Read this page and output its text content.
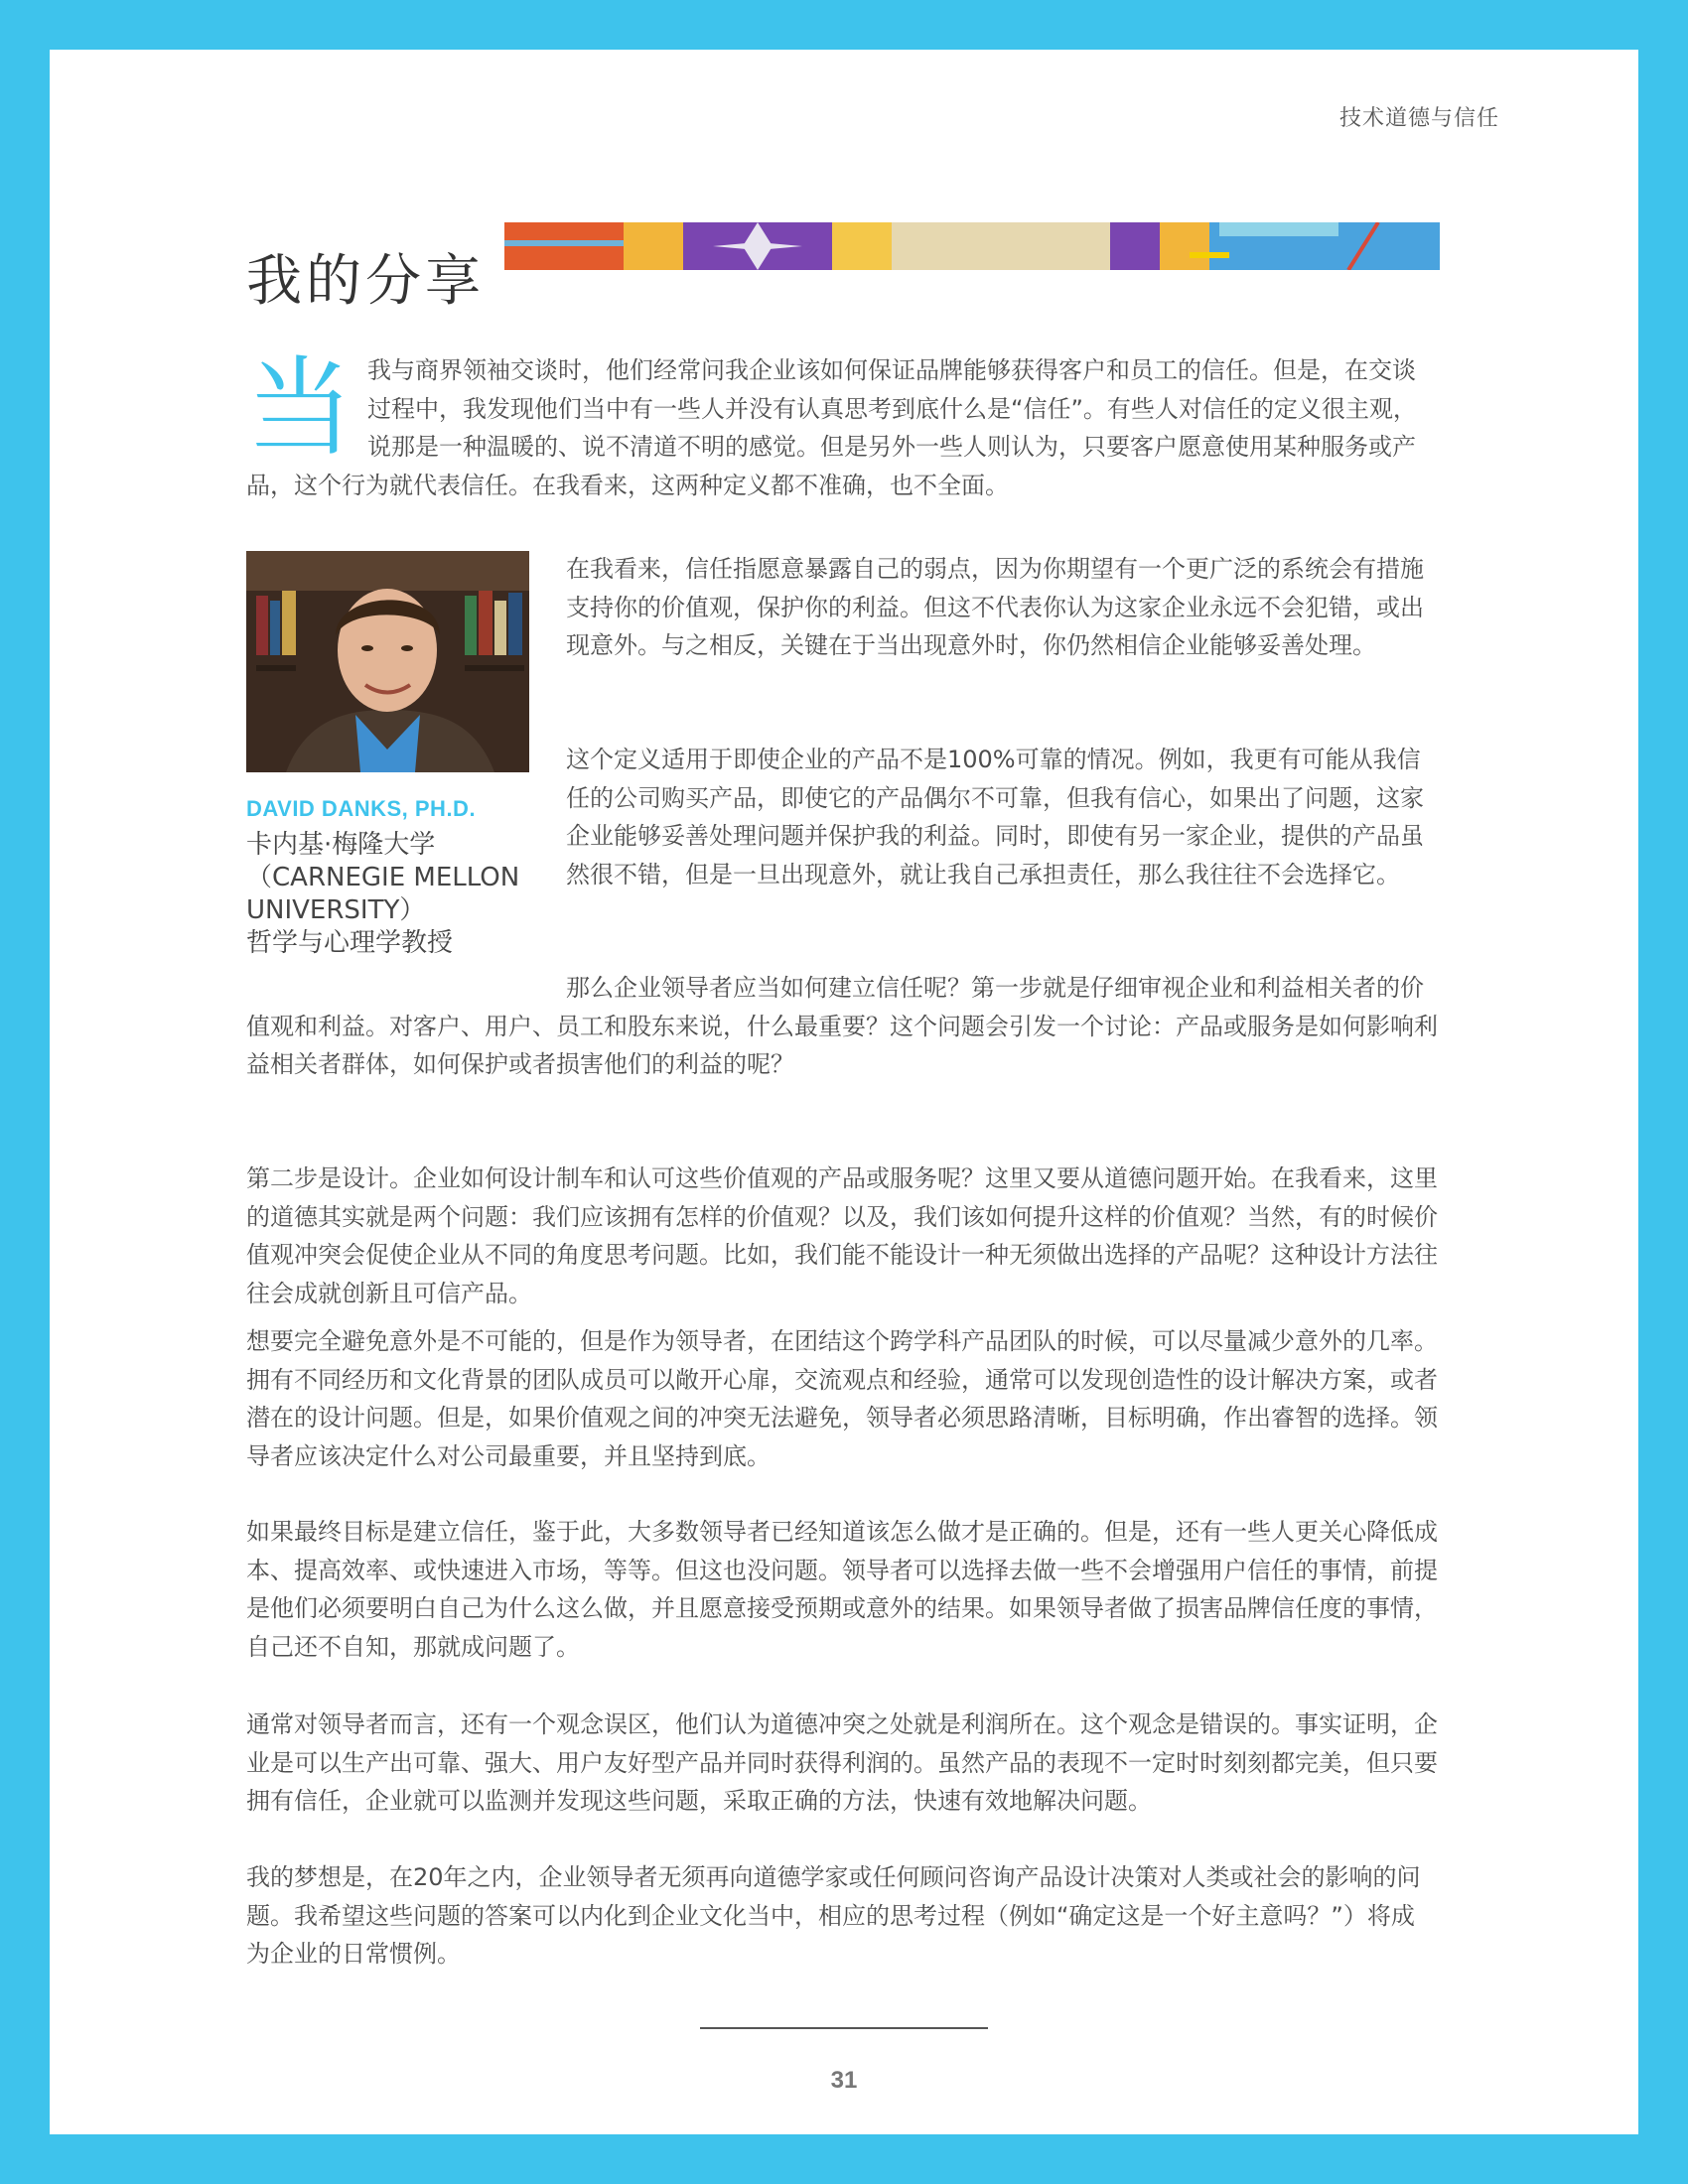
技术道德与信任
我的分享
当 我与商界领袖交谈时，他们经常问我企业该如何保证品牌能够获得客户和员工的信任。但是，在交谈过程中，我发现他们当中有一些人并没有认真思考到底什么是“信任”。有些人对信任的定义很主观，说那是一种温暖的、说不清道不明的感觉。但是另外一些人则认为，只要客户愿意使用某种服务或产品，这个行为就代表信任。在我看来，这两种定义都不准确，也不全面。
DAVID DANKS, PH.D.
卡内基·梅隆大学
（CARNEGIE MELLON
UNIVERSITY）
哲学与心理学教授

在我看来，信任指愿意暴露自己的弱点，因为你期望有一个更广泛的系统会有措施支持你的价值观，保护你的利益。但这不代表你认为这家企业永远不会犯错，或出现意外。与之相反，关键在于当出现意外时，你仍然相信企业能够妥善处理。

这个定义适用于即使企业的产品不是100%可靠的情况。例如，我更有可能从我信任的公司购买产品，即使它的产品偶尔不可靠，但我有信心，如果出了问题，这家企业能够妥善处理问题并保护我的利益。同时，即使有另一家企业，提供的产品虽然很不错，但是一旦出现意外，就让我自己承担责任，那么我往往不会选择它。

那么企业领导者应当如何建立信任呢？第一步就是仔细审视企业和利益相关者的价值观和利益。对客户、用户、员工和股东来说，什么最重要？这个问题会引发一个讨论：产品或服务是如何影响利益相关者群体，如何保护或者损害他们的利益的呢？

第二步是设计。企业如何设计制车和认可这些价值观的产品或服务呢？这里又要从道德问题开始。在我看来，这里的道德其实就是两个问题：我们应该拥有怎样的价值观？以及，我们该如何提升这样的价值观？当然，有的时候价值观冲突会促使企业从不同的角度思考问题。比如，我们能不能设计一种无须做出选择的产品呢？这种设计方法往往会成就创新且可信产品。

想要完全避免意外是不可能的，但是作为领导者，在团结这个跨学科产品团队的时候，可以尽量减少意外的几率。拥有不同经历和文化背景的团队成员可以敞开心扉，交流观点和经验，通常可以发现创造性的设计解决方案，或者潜在的设计问题。但是，如果价值观之间的冲突无法避免，领导者必须思路清晰，目标明确，作出睿智的选择。领导者应该决定什么对公司最重要，并且坚持到底。

如果最终目标是建立信任，鉴于此，大多数领导者已经知道该怎么做才是正确的。但是，还有一些人更关心降低成本、提高效率、或快速进入市场，等等。但这也没问题。领导者可以选择去做一些不会增强用户信任的事情，前提是他们必须要明白自己为什么这么做，并且愿意接受预期或意外的结果。如果领导者做了损害品牌信任度的事情，自己还不自知，那就成问题了。

通常对领导者而言，还有一个观念误区，他们认为道德冲突之处就是利润所在。这个观念是错误的。事实证明，企业是可以生产出可靠、强大、用户友好型产品并同时获得利润的。虽然产品的表现不一定时时刻刻都完美，但只要拥有信任，企业就可以监测并发现这些问题，采取正确的方法，快速有效地解决问题。

我的梦想是，在20年之内，企业领导者无须再向道德学家或任何顾问咨询产品设计决策对人类或社会的影响的问题。我希望这些问题的答案可以内化到企业文化当中，相应的思考过程（例如“确定这是一个好主意吗？”）将成为企业的日常惯例。

31
